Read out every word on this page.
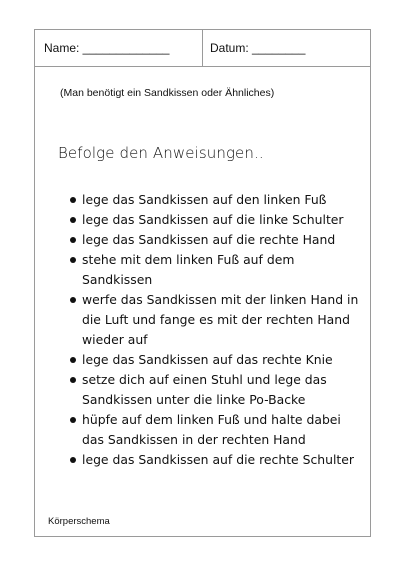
Name: _____________	Datum: ________
(Man benötigt ein Sandkissen oder Ähnliches)
Befolge den Anweisungen..
lege das Sandkissen auf den linken Fuß
lege das Sandkissen auf die linke Schulter
lege das Sandkissen auf die rechte Hand
stehe mit dem linken Fuß auf dem Sandkissen
werfe das Sandkissen mit der linken Hand in die Luft und fange es mit der rechten Hand wieder auf
lege das Sandkissen auf das rechte Knie
setze dich auf einen Stuhl und lege das Sandkissen unter die linke Po-Backe
hüpfe auf dem linken Fuß und halte dabei das Sandkissen in der rechten Hand
lege das Sandkissen auf die rechte Schulter
Körperschema
